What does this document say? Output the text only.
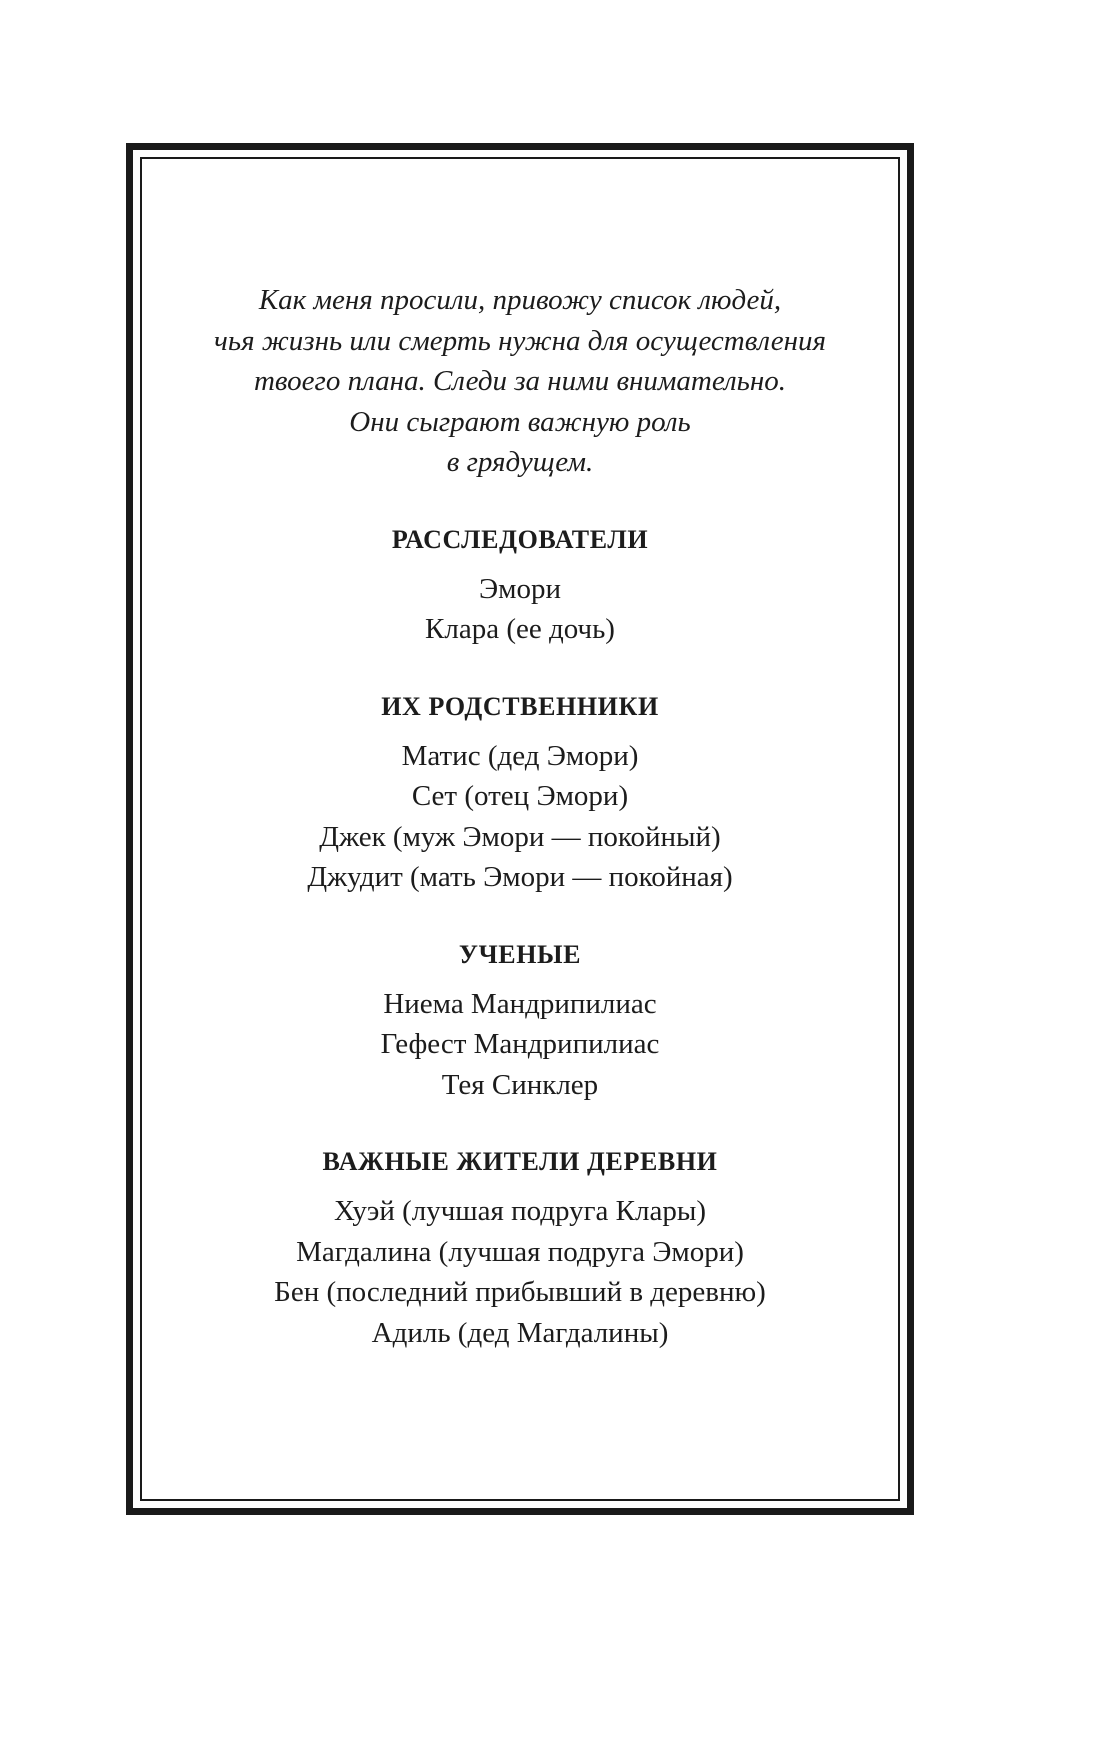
Как меня просили, привожу список людей,
чья жизнь или смерть нужна для осуществления
твоего плана. Следи за ними внимательно.
Они сыграют важную роль
в грядущем.

РАССЛЕДОВАТЕЛИ
Эмори
Клара (ее дочь)
ИХ РОДСТВЕННИКИ
Матис (дед Эмори)
Сет (отец Эмори)
Джек (муж Эмори — покойный)
Джудит (мать Эмори — покойная)
УЧЕНЫЕ
Ниема Мандрипилиас
Гефест Мандрипилиас
Тея Синклер
ВАЖНЫЕ ЖИТЕЛИ ДЕРЕВНИ
Хуэй (лучшая подруга Клары)
Магдалина (лучшая подруга Эмори)
Бен (последний прибывший в деревню)
Адиль (дед Магдалины)
